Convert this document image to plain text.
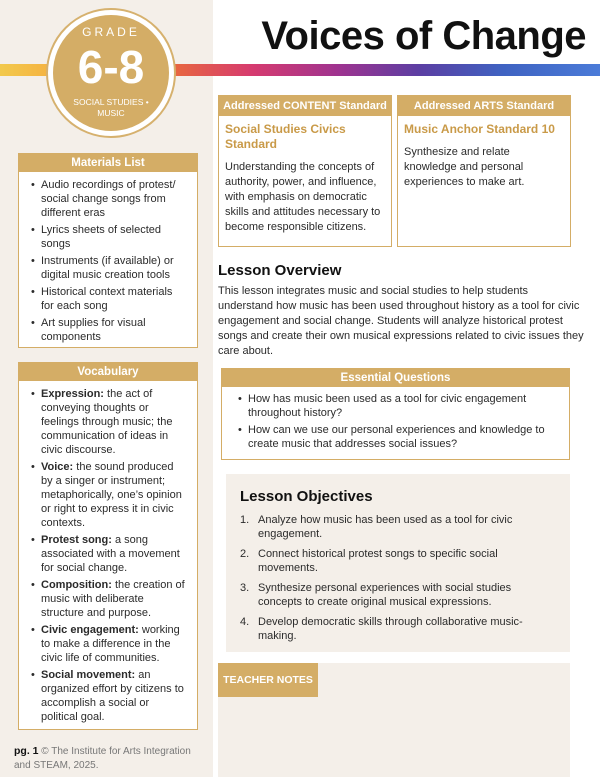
GRADE
6-8
SOCIAL STUDIES • MUSIC
Voices of Change
Materials List
• Audio recordings of protest/ social change songs from different eras
• Lyrics sheets of selected songs
• Instruments (if available) or digital music creation tools
• Historical context materials for each song
• Art supplies for visual components
Vocabulary
• Expression: the act of conveying thoughts or feelings through music; the communication of ideas in civic discourse.
• Voice: the sound produced by a singer or instrument; metaphorically, one’s opinion or right to express it in civic contexts.
• Protest song: a song associated with a movement for social change.
• Composition: the creation of music with deliberate structure and purpose.
• Civic engagement: working to make a difference in the civic life of communities.
• Social movement: an organized effort by citizens to accomplish a social or political goal.
Addressed CONTENT Standard
Social Studies Civics Standard
Understanding the concepts of authority, power, and influence, with emphasis on democratic skills and attitudes necessary to become responsible citizens.
Addressed ARTS Standard
Music Anchor Standard 10
Synthesize and relate knowledge and personal experiences to make art.
Lesson Overview

This lesson integrates music and social studies to help students understand how music has been used throughout history as a tool for civic engagement and social change. Students will analyze historical protest songs and create their own musical expressions related to civic issues they care about.

Essential Questions
• How has music been used as a tool for civic engagement throughout history?
• How can we use our personal experiences and knowledge to create music that addresses social issues?
Lesson Objectives
1. Analyze how music has been used as a tool for civic engagement.
2. Connect historical protest songs to specific social movements.
3. Synthesize personal experiences with social studies concepts to create original musical expressions.
4. Develop democratic skills through collaborative music-making.
TEACHER NOTES
pg. 1 © The Institute for Arts Integration and STEAM, 2025.
